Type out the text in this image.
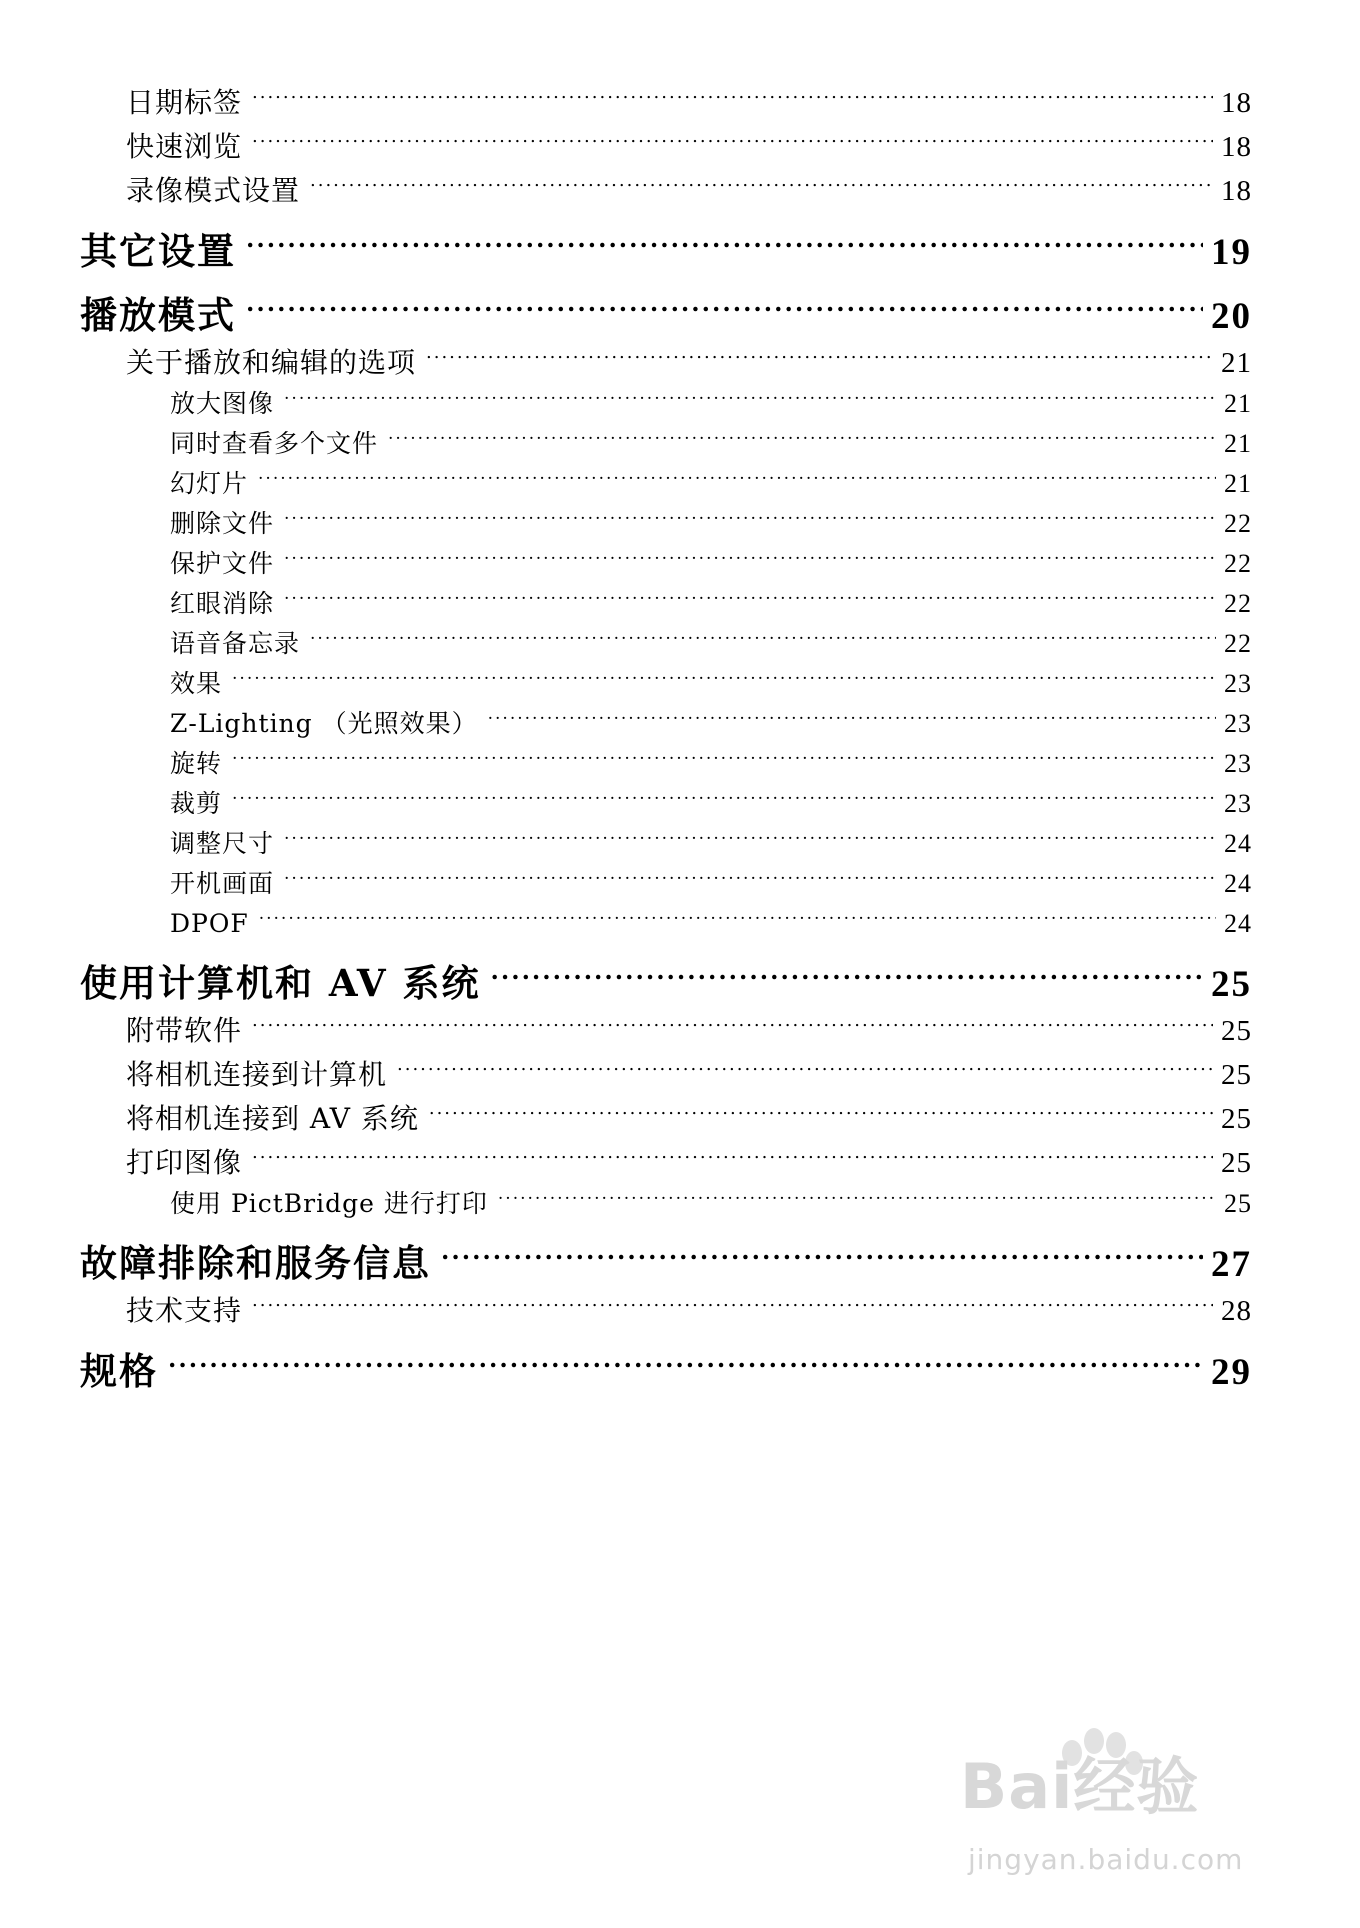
日期标签 .....	18
快速浏览 .....	18
录像模式设置 .....	18
其它设置 .....	19
播放模式 .....	20
关于播放和编辑的选项 .....	21
放大图像 .....	21
同时查看多个文件 .....	21
幻灯片 .....	21
删除文件 .....	22
保护文件 .....	22
红眼消除 .....	22
语音备忘录 .....	22
效果 .....	23
Z-Lighting （光照效果） .....	23
旋转 .....	23
裁剪 .....	23
调整尺寸 .....	24
开机画面 .....	24
DPOF .....	24
使用计算机和 AV 系统 .....	25
附带软件 .....	25
将相机连接到计算机 .....	25
将相机连接到 AV 系统 .....	25
打印图像 .....	25
使用 PictBridge 进行打印 .....	25
故障排除和服务信息 .....	27
技术支持 .....	28
规格 .....	29
Bai经验
jingyan.baidu.com
